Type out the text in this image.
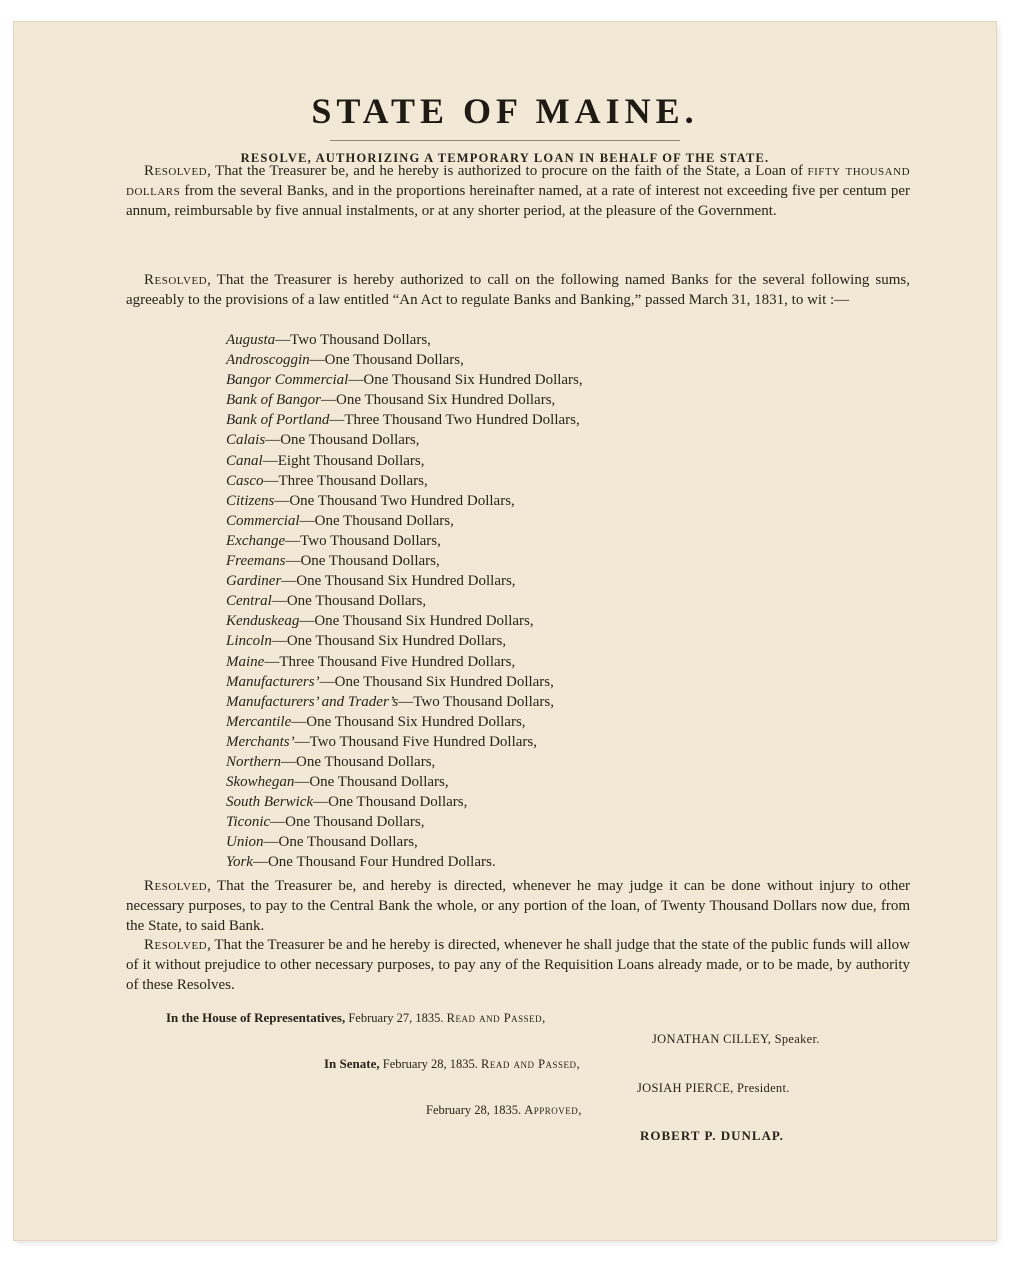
STATE OF MAINE.
RESOLVE, AUTHORIZING A TEMPORARY LOAN IN BEHALF OF THE STATE.

Resolved, That the Treasurer be, and he hereby is authorized to procure on the faith of the State, a Loan of fifty thousand dollars from the several Banks, and in the proportions hereinafter named, at a rate of interest not exceeding five per centum per annum, reimbursable by five annual instalments, or at any shorter period, at the pleasure of the Government.

Resolved, That the Treasurer is hereby authorized to call on the following named Banks for the several following sums, agreeably to the provisions of a law entitled “An Act to regulate Banks and Banking,” passed March 31, 1831, to wit :—

Augusta—Two Thousand Dollars,
Androscoggin—One Thousand Dollars,
Bangor Commercial—One Thousand Six Hundred Dollars,
Bank of Bangor—One Thousand Six Hundred Dollars,
Bank of Portland—Three Thousand Two Hundred Dollars,
Calais—One Thousand Dollars,
Canal—Eight Thousand Dollars,
Casco—Three Thousand Dollars,
Citizens—One Thousand Two Hundred Dollars,
Commercial—One Thousand Dollars,
Exchange—Two Thousand Dollars,
Freemans—One Thousand Dollars,
Gardiner—One Thousand Six Hundred Dollars,
Central—One Thousand Dollars,
Kenduskeag—One Thousand Six Hundred Dollars,
Lincoln—One Thousand Six Hundred Dollars,
Maine—Three Thousand Five Hundred Dollars,
Manufacturers’—One Thousand Six Hundred Dollars,
Manufacturers’ and Trader’s—Two Thousand Dollars,
Mercantile—One Thousand Six Hundred Dollars,
Merchants’—Two Thousand Five Hundred Dollars,
Northern—One Thousand Dollars,
Skowhegan—One Thousand Dollars,
South Berwick—One Thousand Dollars,
Ticonic—One Thousand Dollars,
Union—One Thousand Dollars,
York—One Thousand Four Hundred Dollars.

Resolved, That the Treasurer be, and hereby is directed, whenever he may judge it can be done without injury to other necessary purposes, to pay to the Central Bank the whole, or any portion of the loan, of Twenty Thousand Dollars now due, from the State, to said Bank.

Resolved, That the Treasurer be and he hereby is directed, whenever he shall judge that the state of the public funds will allow of it without prejudice to other necessary purposes, to pay any of the Requisition Loans already made, or to be made, by authority of these Resolves.

In the House of Representatives, February 27, 1835. Read and Passed,
JONATHAN CILLEY, Speaker.
In Senate, February 28, 1835. Read and Passed,
JOSIAH PIERCE, President.
February 28, 1835. Approved,
ROBERT P. DUNLAP.
